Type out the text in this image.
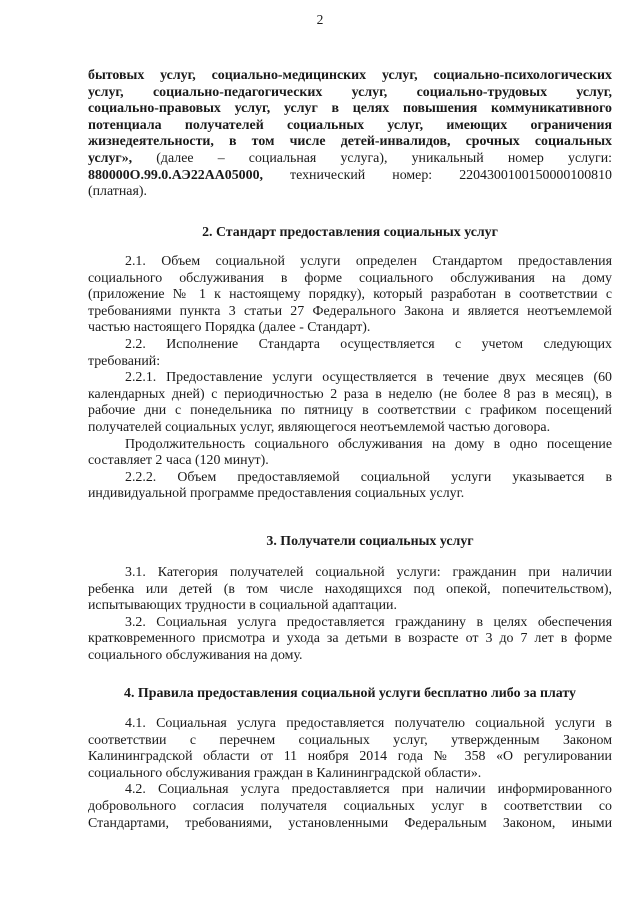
2

бытовых услуг, социально-медицинских услуг, социально-психологических

услуг, социально-педагогических услуг, социально-трудовых услуг,

социально-правовых услуг, услуг в целях повышения коммуникативного

потенциала получателей социальных услуг, имеющих ограничения

жизнедеятельности, в том числе детей-инвалидов, срочных социальных

услуг», (далее – социальная услуга), уникальный номер услуги:

880000О.99.0.АЭ22АА05000, технический номер: 2204300100150000100810

(платная).

2. Стандарт предоставления социальных услуг

2.1. Объем социальной услуги определен Стандартом предоставления

социального обслуживания в форме социального обслуживания на дому

(приложение № 1 к настоящему порядку), который разработан в соответствии с

требованиями пункта 3 статьи 27 Федерального Закона и является неотъемлемой

частью настоящего Порядка (далее - Стандарт).

2.2. Исполнение Стандарта осуществляется с учетом следующих

требований:

2.2.1. Предоставление услуги осуществляется в течение двух месяцев (60

календарных дней) с периодичностью 2 раза в неделю (не более 8 раз в месяц), в

рабочие дни с понедельника по пятницу в соответствии с графиком посещений

получателей социальных услуг, являющегося неотъемлемой частью договора.

Продолжительность социального обслуживания на дому в одно посещение

составляет 2 часа (120 минут).

2.2.2. Объем предоставляемой социальной услуги указывается в

индивидуальной программе предоставления социальных услуг.

3. Получатели социальных услуг

3.1. Категория получателей социальной услуги: гражданин при наличии

ребенка или детей (в том числе находящихся под опекой, попечительством),

испытывающих трудности в социальной адаптации.

3.2. Социальная услуга предоставляется гражданину в целях обеспечения

кратковременного присмотра и ухода за детьми в возрасте от 3 до 7 лет в форме

социального обслуживания на дому.

4. Правила предоставления социальной услуги бесплатно либо за плату

4.1. Социальная услуга предоставляется получателю социальной услуги в

соответствии с перечнем социальных услуг, утвержденным Законом

Калининградской области от 11 ноября 2014 года № 358 «О регулировании

социального обслуживания граждан в Калининградской области».

4.2. Социальная услуга предоставляется при наличии информированного

добровольного согласия получателя социальных услуг в соответствии со

Стандартами, требованиями, установленными Федеральным Законом, иными
